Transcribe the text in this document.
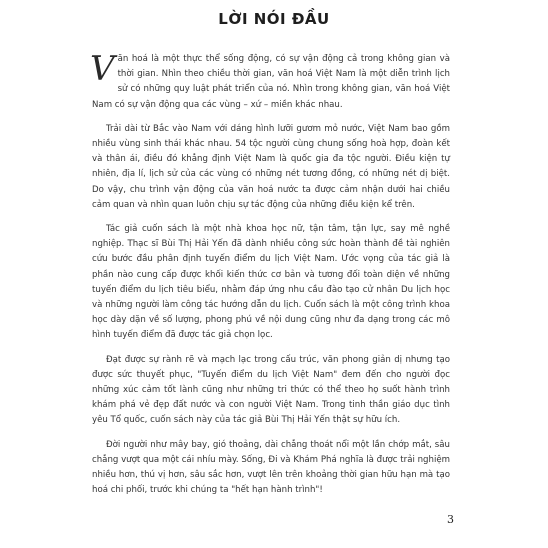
LỜI NÓI ĐẦU

Văn hoá là một thực thể sống động, có sự vận động cả trong không gian và thời gian. Nhìn theo chiều thời gian, văn hoá Việt Nam là một diễn trình lịch sử có những quy luật phát triển của nó. Nhìn trong không gian, văn hoá Việt Nam có sự vận động qua các vùng – xứ – miền khác nhau.

Trải dài từ Bắc vào Nam với dáng hình lưỡi gươm mỏ nước, Việt Nam bao gồm nhiều vùng sinh thái khác nhau. 54 tộc người cùng chung sống hoà hợp, đoàn kết và thân ái, điều đó khẳng định Việt Nam là quốc gia đa tộc người. Điều kiện tự nhiên, địa lí, lịch sử của các vùng có những nét tương đồng, có những nét dị biệt. Do vậy, chu trình vận động của văn hoá nước ta được cảm nhận dưới hai chiều cảm quan và nhìn quan luôn chịu sự tác động của những điều kiện kể trên.

Tác giả cuốn sách là một nhà khoa học nữ, tận tâm, tận lực, say mê nghề nghiệp. Thạc sĩ Bùi Thị Hải Yến đã dành nhiều công sức hoàn thành đề tài nghiên cứu bước đầu phân định tuyến điểm du lịch Việt Nam. Ước vọng của tác giả là phần nào cung cấp được khối kiến thức cơ bản và tương đối toàn diện về những tuyến điểm du lịch tiêu biểu, nhằm đáp ứng nhu cầu đào tạo cử nhân Du lịch học và những người làm công tác hướng dẫn du lịch. Cuốn sách là một công trình khoa học dày dặn về số lượng, phong phú về nội dung cũng như đa dạng trong các mô hình tuyến điểm đã được tác giả chọn lọc.

Đạt được sự rành rẽ và mạch lạc trong cấu trúc, văn phong giản dị nhưng tạo được sức thuyết phục, "Tuyến điểm du lịch Việt Nam" đem đến cho người đọc những xúc cảm tốt lành cũng như những tri thức có thể theo họ suốt hành trình khám phá vẻ đẹp đất nước và con người Việt Nam. Trong tinh thần giáo dục tình yêu Tổ quốc, cuốn sách này của tác giả Bùi Thị Hải Yến thật sự hữu ích.

Đời người như mây bay, gió thoảng, dài chẳng thoát nổi một lần chớp mắt, sâu chẳng vượt qua một cái nhíu mày. Sống, Đi và Khám Phá nghĩa là được trải nghiệm nhiều hơn, thú vị hơn, sâu sắc hơn, vượt lên trên khoảng thời gian hữu hạn mà tạo hoá chi phối, trước khi chúng ta "hết hạn hành trình"!

3
